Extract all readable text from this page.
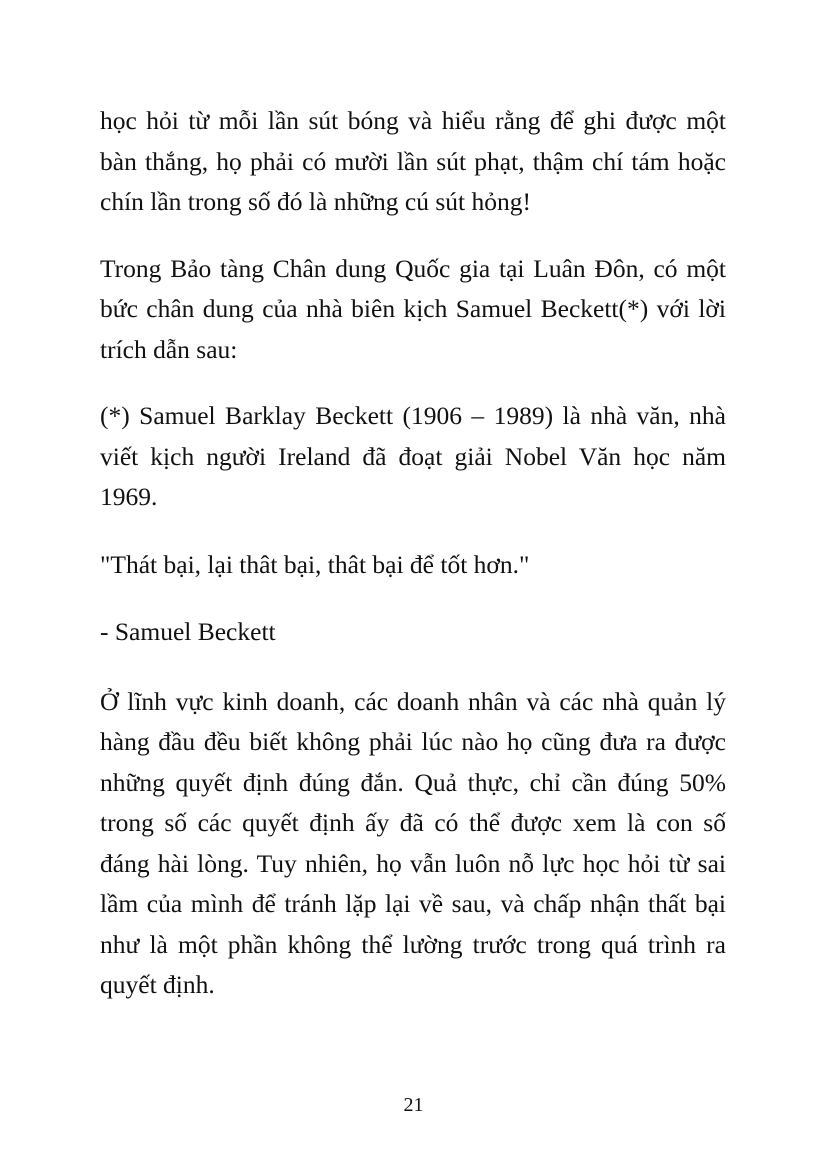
học hỏi từ mỗi lần sút bóng và hiểu rằng để ghi được một bàn thắng, họ phải có mười lần sút phạt, thậm chí tám hoặc chín lần trong số đó là những cú sút hỏng!

Trong Bảo tàng Chân dung Quốc gia tại Luân Đôn, có một bức chân dung của nhà biên kịch Samuel Beckett(*) với lời trích dẫn sau:

(*) Samuel Barklay Beckett (1906 – 1989) là nhà văn, nhà viết kịch người Ireland đã đoạt giải Nobel Văn học năm 1969.

"Thát bại, lại thât bại, thât bại để tốt hơn."

- Samuel Beckett

Ở lĩnh vực kinh doanh, các doanh nhân và các nhà quản lý hàng đầu đều biết không phải lúc nào họ cũng đưa ra được những quyết định đúng đắn. Quả thực, chỉ cần đúng 50% trong số các quyết định ấy đã có thể được xem là con số đáng hài lòng. Tuy nhiên, họ vẫn luôn nỗ lực học hỏi từ sai lầm của mình để tránh lặp lại về sau, và chấp nhận thất bại như là một phần không thể lường trước trong quá trình ra quyết định.

21
